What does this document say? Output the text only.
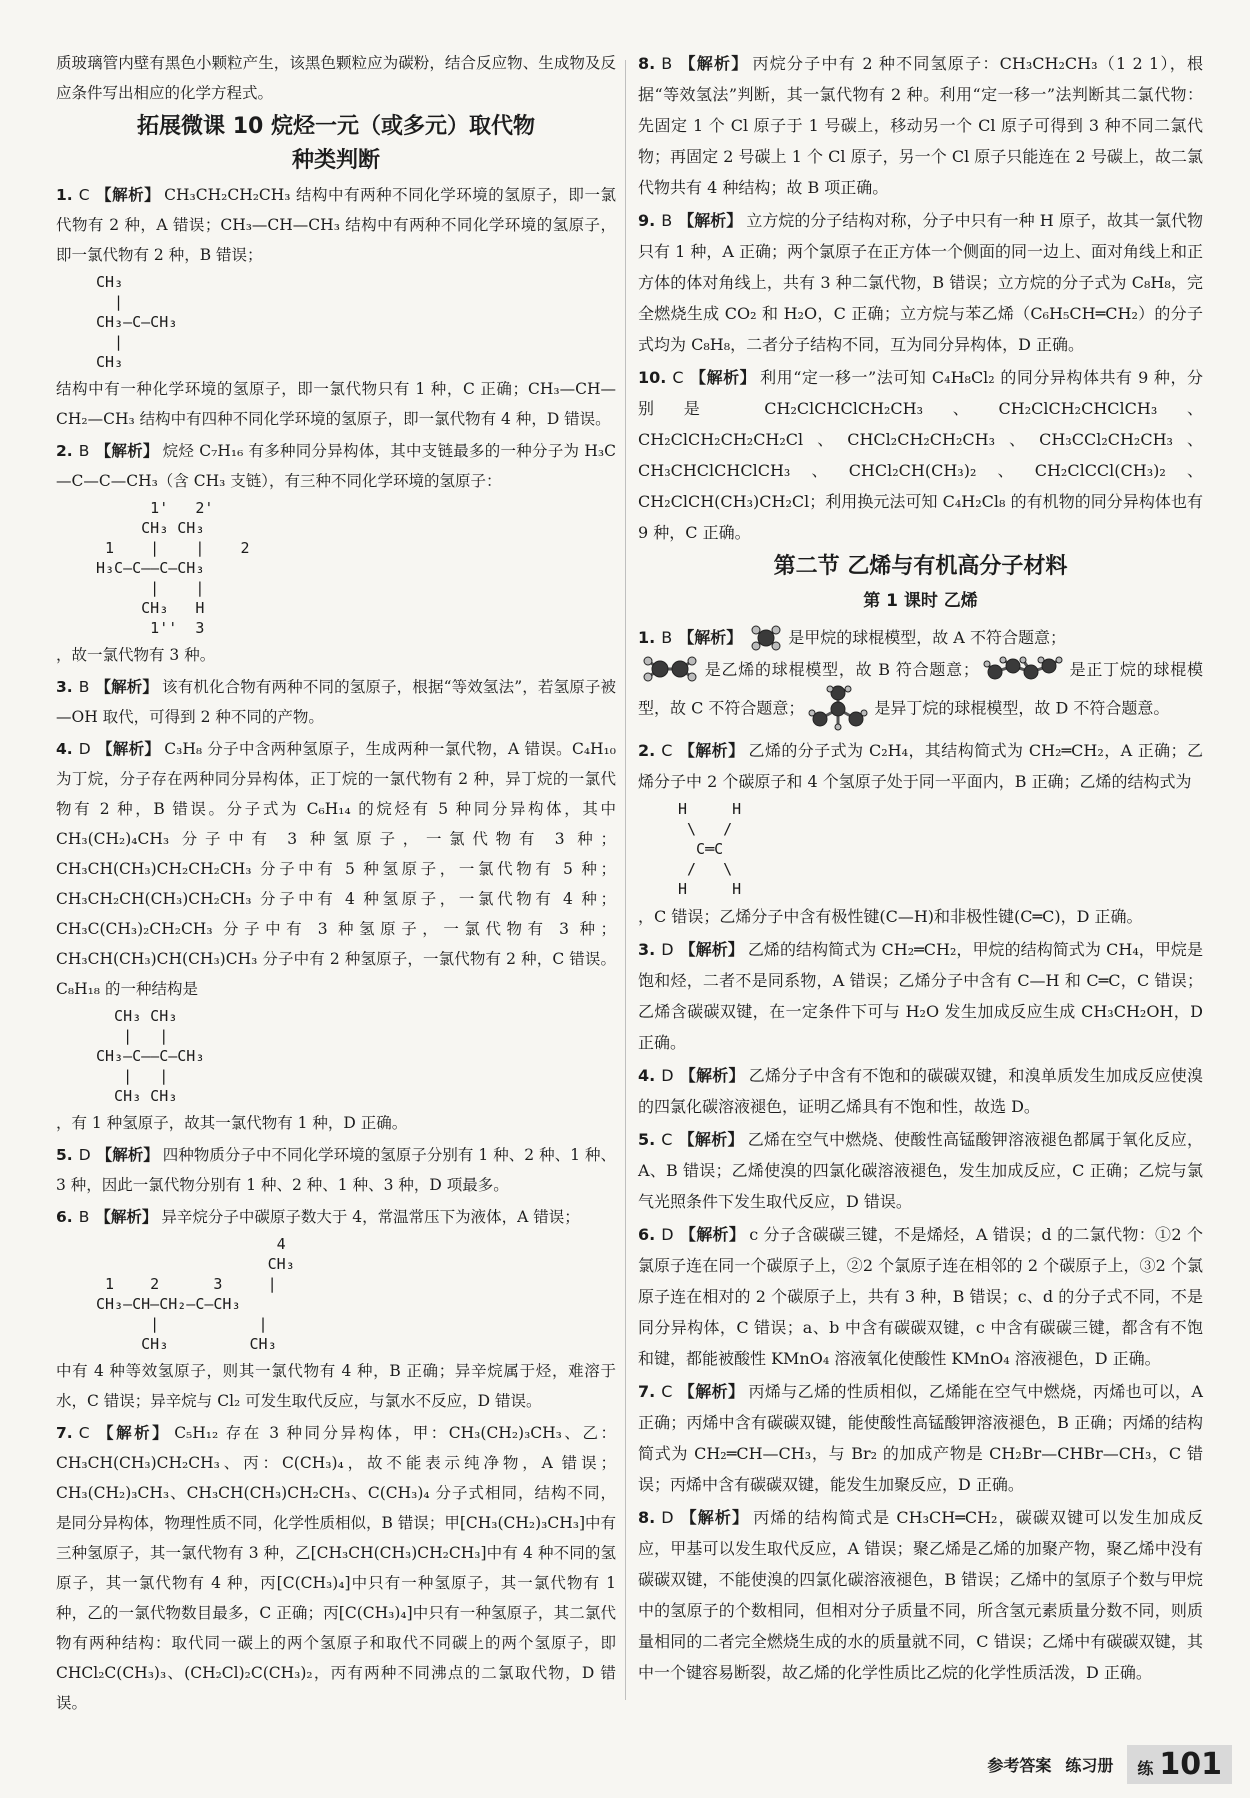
质玻璃管内壁有黑色小颗粒产生，该黑色颗粒应为碳粉，结合反应物、生成物及反应条件写出相应的化学方程式。
拓展微课 10 烷烃一元（或多元）取代物
种类判断
1. C 【解析】 CH₃CH₂CH₂CH₃ 结构中有两种不同化学环境的氢原子，即一氯代物有 2 种，A 错误；CH₃—CH—CH₃ 结构中有两种不同化学环境的氢原子，即一氯代物有 2 种，B 错误；
CH₃
|
CH₃—C—CH₃
|
CH₃
结构中有一种化学环境的氢原子，即一氯代物只有 1 种，C 正确；CH₃—CH—CH₂—CH₃ 结构中有四种不同化学环境的氢原子，即一氯代物有 4 种，D 错误。
2. B 【解析】 烷烃 C₇H₁₆ 有多种同分异构体，其中支链最多的一种分子为 H₃C—C—C—CH₃（含 CH₃ 支链），有三种不同化学环境的氢原子：
1'   2'
CH₃ CH₃
1    |    |    2
H₃C—C——C—CH₃
|    |
CH₃   H
1''  3
，故一氯代物有 3 种。
3. B 【解析】 该有机化合物有两种不同的氢原子，根据“等效氢法”，若氢原子被—OH 取代，可得到 2 种不同的产物。
4. D 【解析】 C₃H₈ 分子中含两种氢原子，生成两种一氯代物，A 错误。C₄H₁₀ 为丁烷，分子存在两种同分异构体，正丁烷的一氯代物有 2 种，异丁烷的一氯代物有 2 种，B 错误。分子式为 C₆H₁₄ 的烷烃有 5 种同分异构体，其中 CH₃(CH₂)₄CH₃ 分子中有 3 种氢原子，一氯代物有 3 种；CH₃CH(CH₃)CH₂CH₂CH₃ 分子中有 5 种氢原子，一氯代物有 5 种；CH₃CH₂CH(CH₃)CH₂CH₃ 分子中有 4 种氢原子，一氯代物有 4 种；CH₃C(CH₃)₂CH₂CH₃ 分子中有 3 种氢原子，一氯代物有 3 种；CH₃CH(CH₃)CH(CH₃)CH₃ 分子中有 2 种氢原子，一氯代物有 2 种，C 错误。C₈H₁₈ 的一种结构是
CH₃ CH₃
|   |
CH₃—C——C—CH₃
|   |
CH₃ CH₃
，有 1 种氢原子，故其一氯代物有 1 种，D 正确。
5. D 【解析】 四种物质分子中不同化学环境的氢原子分别有 1 种、2 种、1 种、3 种，因此一氯代物分别有 1 种、2 种、1 种、3 种，D 项最多。
6. B 【解析】 异辛烷分子中碳原子数大于 4，常温常压下为液体，A 错误；
4
CH₃
1    2      3     |
CH₃—CH—CH₂—C—CH₃
|           |
CH₃         CH₃
中有 4 种等效氢原子，则其一氯代物有 4 种，B 正确；异辛烷属于烃，难溶于水，C 错误；异辛烷与 Cl₂ 可发生取代反应，与氯水不反应，D 错误。
7. C 【解析】 C₅H₁₂ 存在 3 种同分异构体，甲：CH₃(CH₂)₃CH₃、乙：CH₃CH(CH₃)CH₂CH₃、丙：C(CH₃)₄，故不能表示纯净物，A 错误；CH₃(CH₂)₃CH₃、CH₃CH(CH₃)CH₂CH₃、C(CH₃)₄ 分子式相同，结构不同，是同分异构体，物理性质不同，化学性质相似，B 错误；甲[CH₃(CH₂)₃CH₃]中有三种氢原子，其一氯代物有 3 种，乙[CH₃CH(CH₃)CH₂CH₃]中有 4 种不同的氢原子，其一氯代物有 4 种，丙[C(CH₃)₄]中只有一种氢原子，其一氯代物有 1 种，乙的一氯代物数目最多，C 正确；丙[C(CH₃)₄]中只有一种氢原子，其二氯代物有两种结构：取代同一碳上的两个氢原子和取代不同碳上的两个氢原子，即 CHCl₂C(CH₃)₃、(CH₂Cl)₂C(CH₃)₂，丙有两种不同沸点的二氯取代物，D 错误。
8. B 【解析】 丙烷分子中有 2 种不同氢原子：CH₃CH₂CH₃（1 2 1），根据“等效氢法”判断，其一氯代物有 2 种。利用“定一移一”法判断其二氯代物：先固定 1 个 Cl 原子于 1 号碳上，移动另一个 Cl 原子可得到 3 种不同二氯代物；再固定 2 号碳上 1 个 Cl 原子，另一个 Cl 原子只能连在 2 号碳上，故二氯代物共有 4 种结构；故 B 项正确。
9. B 【解析】 立方烷的分子结构对称，分子中只有一种 H 原子，故其一氯代物只有 1 种，A 正确；两个氯原子在正方体一个侧面的同一边上、面对角线上和正方体的体对角线上，共有 3 种二氯代物，B 错误；立方烷的分子式为 C₈H₈，完全燃烧生成 CO₂ 和 H₂O，C 正确；立方烷与苯乙烯（C₆H₅CH═CH₂）的分子式均为 C₈H₈，二者分子结构不同，互为同分异构体，D 正确。
10. C 【解析】 利用“定一移一”法可知 C₄H₈Cl₂ 的同分异构体共有 9 种，分别是 CH₂ClCHClCH₂CH₃、CH₂ClCH₂CHClCH₃、CH₂ClCH₂CH₂CH₂Cl、CHCl₂CH₂CH₂CH₃、CH₃CCl₂CH₂CH₃、CH₃CHClCHClCH₃、CHCl₂CH(CH₃)₂、CH₂ClCCl(CH₃)₂、CH₂ClCH(CH₃)CH₂Cl；利用换元法可知 C₄H₂Cl₈ 的有机物的同分异构体也有 9 种，C 正确。
第二节 乙烯与有机高分子材料
第 1 课时 乙烯
1. B 【解析】	是甲烷的球棍模型，故 A 不符合题意；
是乙烯的球棍模型，故 B 符合题意；	是正丁烷的球棍模型，故 C 不符合题意；	是异丁烷的球棍模型，故 D 不符合题意。
2. C 【解析】 乙烯的分子式为 C₂H₄，其结构简式为 CH₂═CH₂，A 正确；乙烯分子中 2 个碳原子和 4 个氢原子处于同一平面内，B 正确；乙烯的结构式为
H     H
\   /
C═C
/   \
H     H
，C 错误；乙烯分子中含有极性键(C—H)和非极性键(C═C)，D 正确。
3. D 【解析】 乙烯的结构简式为 CH₂═CH₂，甲烷的结构简式为 CH₄，甲烷是饱和烃，二者不是同系物，A 错误；乙烯分子中含有 C—H 和 C═C，C 错误；乙烯含碳碳双键，在一定条件下可与 H₂O 发生加成反应生成 CH₃CH₂OH，D 正确。
4. D 【解析】 乙烯分子中含有不饱和的碳碳双键，和溴单质发生加成反应使溴的四氯化碳溶液褪色，证明乙烯具有不饱和性，故选 D。
5. C 【解析】 乙烯在空气中燃烧、使酸性高锰酸钾溶液褪色都属于氧化反应，A、B 错误；乙烯使溴的四氯化碳溶液褪色，发生加成反应，C 正确；乙烷与氯气光照条件下发生取代反应，D 错误。
6. D 【解析】 c 分子含碳碳三键，不是烯烃，A 错误；d 的二氯代物：①2 个氯原子连在同一个碳原子上，②2 个氯原子连在相邻的 2 个碳原子上，③2 个氯原子连在相对的 2 个碳原子上，共有 3 种，B 错误；c、d 的分子式不同，不是同分异构体，C 错误；a、b 中含有碳碳双键，c 中含有碳碳三键，都含有不饱和键，都能被酸性 KMnO₄ 溶液氧化使酸性 KMnO₄ 溶液褪色，D 正确。
7. C 【解析】 丙烯与乙烯的性质相似，乙烯能在空气中燃烧，丙烯也可以，A 正确；丙烯中含有碳碳双键，能使酸性高锰酸钾溶液褪色，B 正确；丙烯的结构简式为 CH₂═CH—CH₃，与 Br₂ 的加成产物是 CH₂Br—CHBr—CH₃，C 错误；丙烯中含有碳碳双键，能发生加聚反应，D 正确。
8. D 【解析】 丙烯的结构简式是 CH₃CH═CH₂，碳碳双键可以发生加成反应，甲基可以发生取代反应，A 错误；聚乙烯是乙烯的加聚产物，聚乙烯中没有碳碳双键，不能使溴的四氯化碳溶液褪色，B 错误；乙烯中的氢原子个数与甲烷中的氢原子的个数相同，但相对分子质量不同，所含氢元素质量分数不同，则质量相同的二者完全燃烧生成的水的质量就不同，C 错误；乙烯中有碳碳双键，其中一个键容易断裂，故乙烯的化学性质比乙烷的化学性质活泼，D 正确。
参考答案 练习册 练 101
